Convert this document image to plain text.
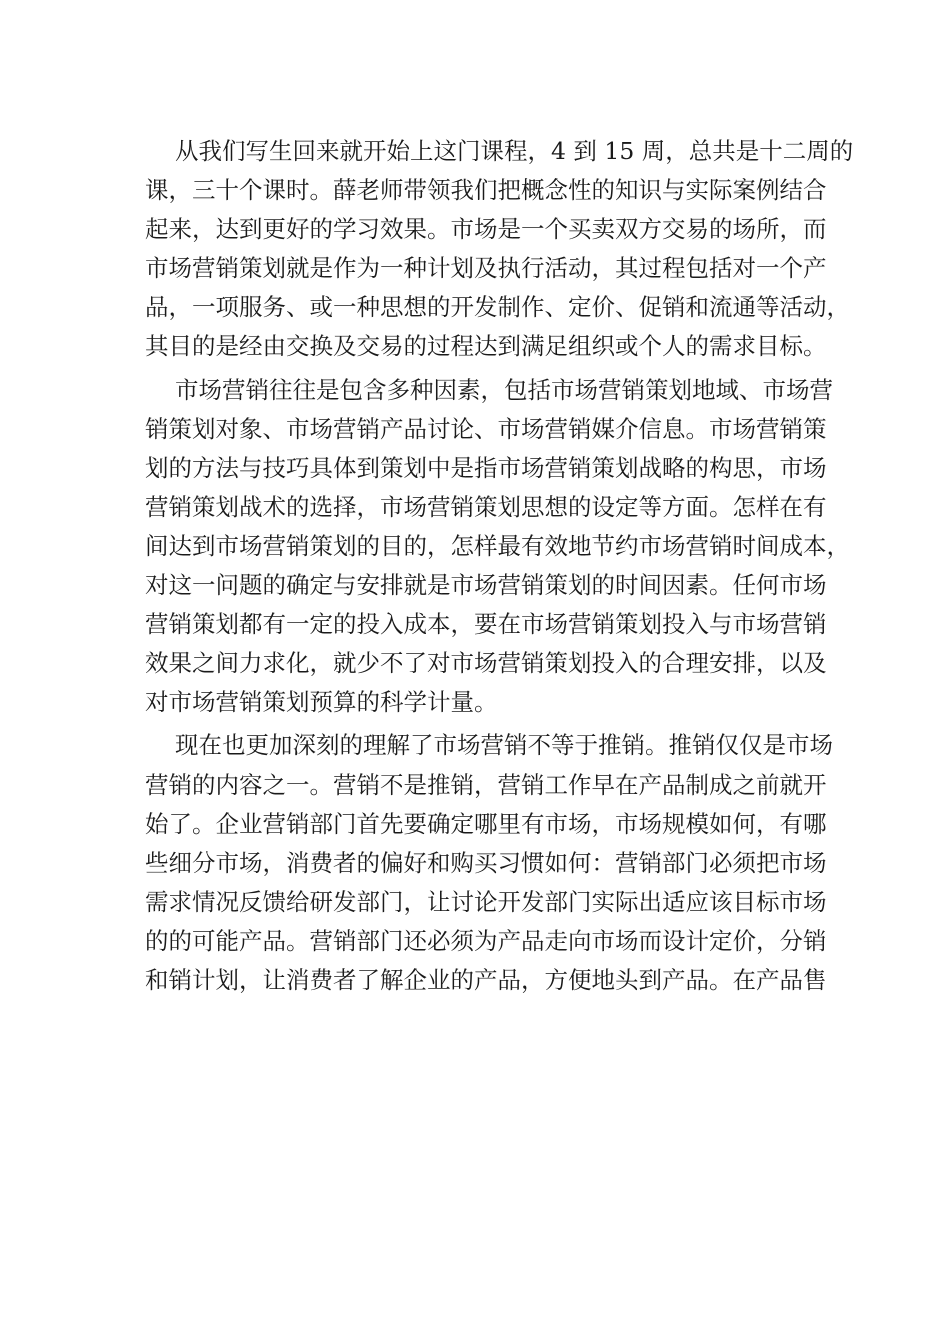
从我们写生回来就开始上这门课程，4 到 15 周，总共是十二周的
课，三十个课时。薛老师带领我们把概念性的知识与实际案例结合
起来，达到更好的学习效果。市场是一个买卖双方交易的场所，而
市场营销策划就是作为一种计划及执行活动，其过程包括对一个产
品，一项服务、或一种思想的开发制作、定价、促销和流通等活动，
其目的是经由交换及交易的过程达到满足组织或个人的需求目标。
市场营销往往是包含多种因素，包括市场营销策划地域、市场营
销策划对象、市场营销产品讨论、市场营销媒介信息。市场营销策
划的方法与技巧具体到策划中是指市场营销策划战略的构思，市场
营销策划战术的选择，市场营销策划思想的设定等方面。怎样在有
间达到市场营销策划的目的，怎样最有效地节约市场营销时间成本，
对这一问题的确定与安排就是市场营销策划的时间因素。任何市场
营销策划都有一定的投入成本，要在市场营销策划投入与市场营销
效果之间力求化，就少不了对市场营销策划投入的合理安排，以及
对市场营销策划预算的科学计量。
现在也更加深刻的理解了市场营销不等于推销。推销仅仅是市场
营销的内容之一。营销不是推销，营销工作早在产品制成之前就开
始了。企业营销部门首先要确定哪里有市场，市场规模如何，有哪
些细分市场，消费者的偏好和购买习惯如何：营销部门必须把市场
需求情况反馈给研发部门，让讨论开发部门实际出适应该目标市场
的的可能产品。营销部门还必须为产品走向市场而设计定价，分销
和销计划，让消费者了解企业的产品，方便地头到产品。在产品售
